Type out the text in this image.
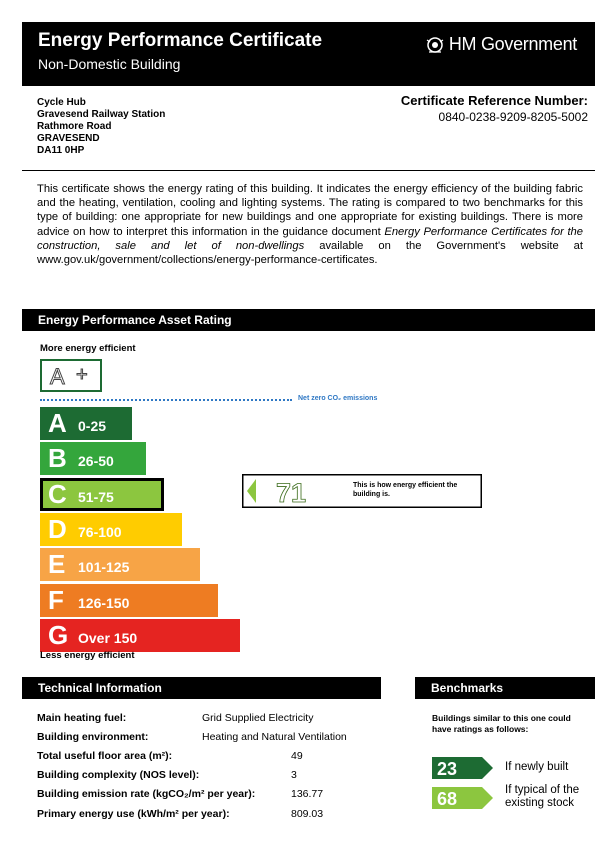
Energy Performance Certificate
Non-Domestic Building
HM Government
Cycle Hub
Gravesend Railway Station
Rathmore Road
GRAVESEND
DA11 0HP
Certificate Reference Number:
0840-0238-9209-8205-5002
This certificate shows the energy rating of this building. It indicates the energy efficiency of the building fabric and the heating, ventilation, cooling and lighting systems. The rating is compared to two benchmarks for this type of building: one appropriate for new buildings and one appropriate for existing buildings. There is more advice on how to interpret this information in the guidance document Energy Performance Certificates for the construction, sale and let of non-dwellings available on the Government's website at www.gov.uk/government/collections/energy-performance-certificates.
Energy Performance Asset Rating
More energy efficient
A +
Net zero CO₂ emissions
A 0-25
B 26-50
C 51-75
D 76-100
E 101-125
F 126-150
G Over 150
71	This is how energy efficient the building is.
Less energy efficient
Technical Information
Main heating fuel:	Grid Supplied Electricity
Building environment:	Heating and Natural Ventilation
Total useful floor area (m²):	49
Building complexity (NOS level):	3
Building emission rate (kgCO₂/m² per year):	136.77
Primary energy use (kWh/m² per year):	809.03
Benchmarks
Buildings similar to this one could have ratings as follows:
23	If newly built
68	If typical of the
existing stock
